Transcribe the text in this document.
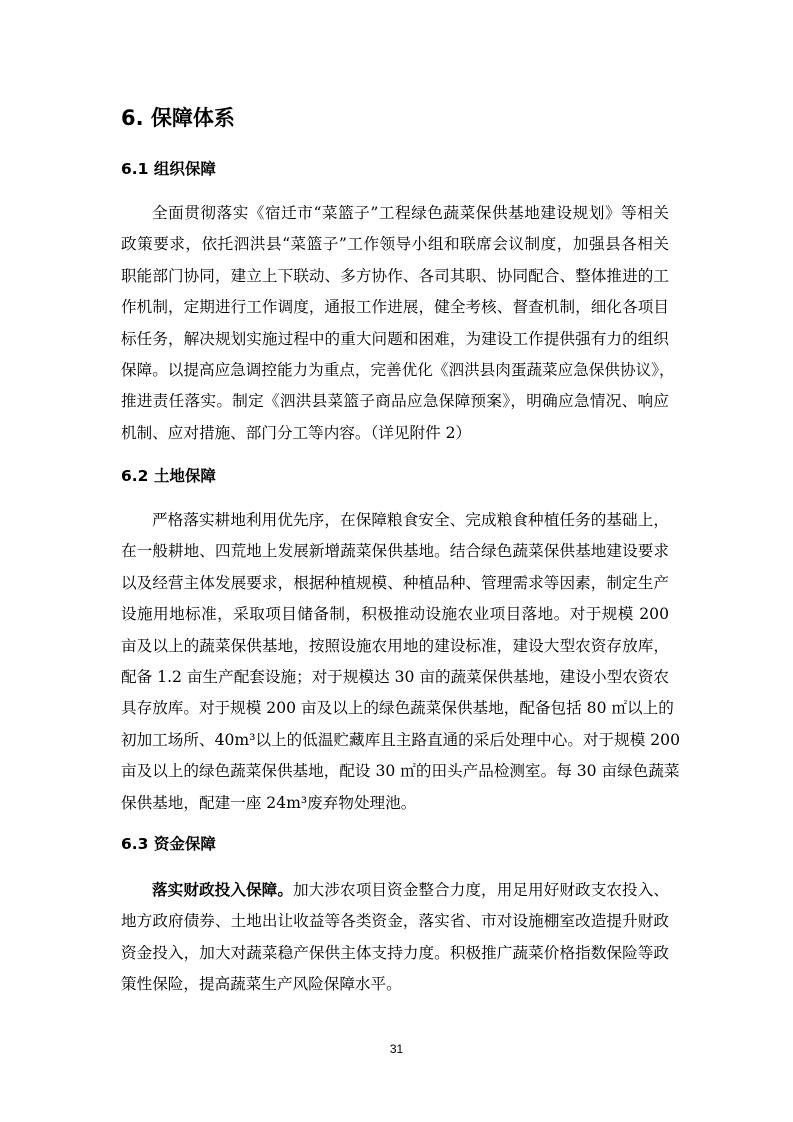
6. 保障体系
6.1 组织保障
全面贯彻落实《宿迁市“菜篮子”工程绿色蔬菜保供基地建设规划》等相关
政策要求，依托泗洪县“菜篮子”工作领导小组和联席会议制度，加强县各相关
职能部门协同，建立上下联动、多方协作、各司其职、协同配合、整体推进的工
作机制，定期进行工作调度，通报工作进展，健全考核、督查机制，细化各项目
标任务，解决规划实施过程中的重大问题和困难，为建设工作提供强有力的组织
保障。以提高应急调控能力为重点，完善优化《泗洪县肉蛋蔬菜应急保供协议》，
推进责任落实。制定《泗洪县菜篮子商品应急保障预案》，明确应急情况、响应
机制、应对措施、部门分工等内容。（详见附件 2）
6.2 土地保障
严格落实耕地利用优先序，在保障粮食安全、完成粮食种植任务的基础上，
在一般耕地、四荒地上发展新增蔬菜保供基地。结合绿色蔬菜保供基地建设要求
以及经营主体发展要求，根据种植规模、种植品种、管理需求等因素，制定生产
设施用地标准，采取项目储备制，积极推动设施农业项目落地。对于规模 200
亩及以上的蔬菜保供基地，按照设施农用地的建设标准，建设大型农资存放库，
配备 1.2 亩生产配套设施；对于规模达 30 亩的蔬菜保供基地，建设小型农资农
具存放库。对于规模 200 亩及以上的绿色蔬菜保供基地，配备包括 80 ㎡以上的
初加工场所、40m³以上的低温贮藏库且主路直通的采后处理中心。对于规模 200
亩及以上的绿色蔬菜保供基地，配设 30 ㎡的田头产品检测室。每 30 亩绿色蔬菜
保供基地，配建一座 24m³废弃物处理池。
6.3 资金保障
落实财政投入保障。加大涉农项目资金整合力度，用足用好财政支农投入、
地方政府债券、土地出让收益等各类资金，落实省、市对设施棚室改造提升财政
资金投入，加大对蔬菜稳产保供主体支持力度。积极推广蔬菜价格指数保险等政
策性保险，提高蔬菜生产风险保障水平。
31
